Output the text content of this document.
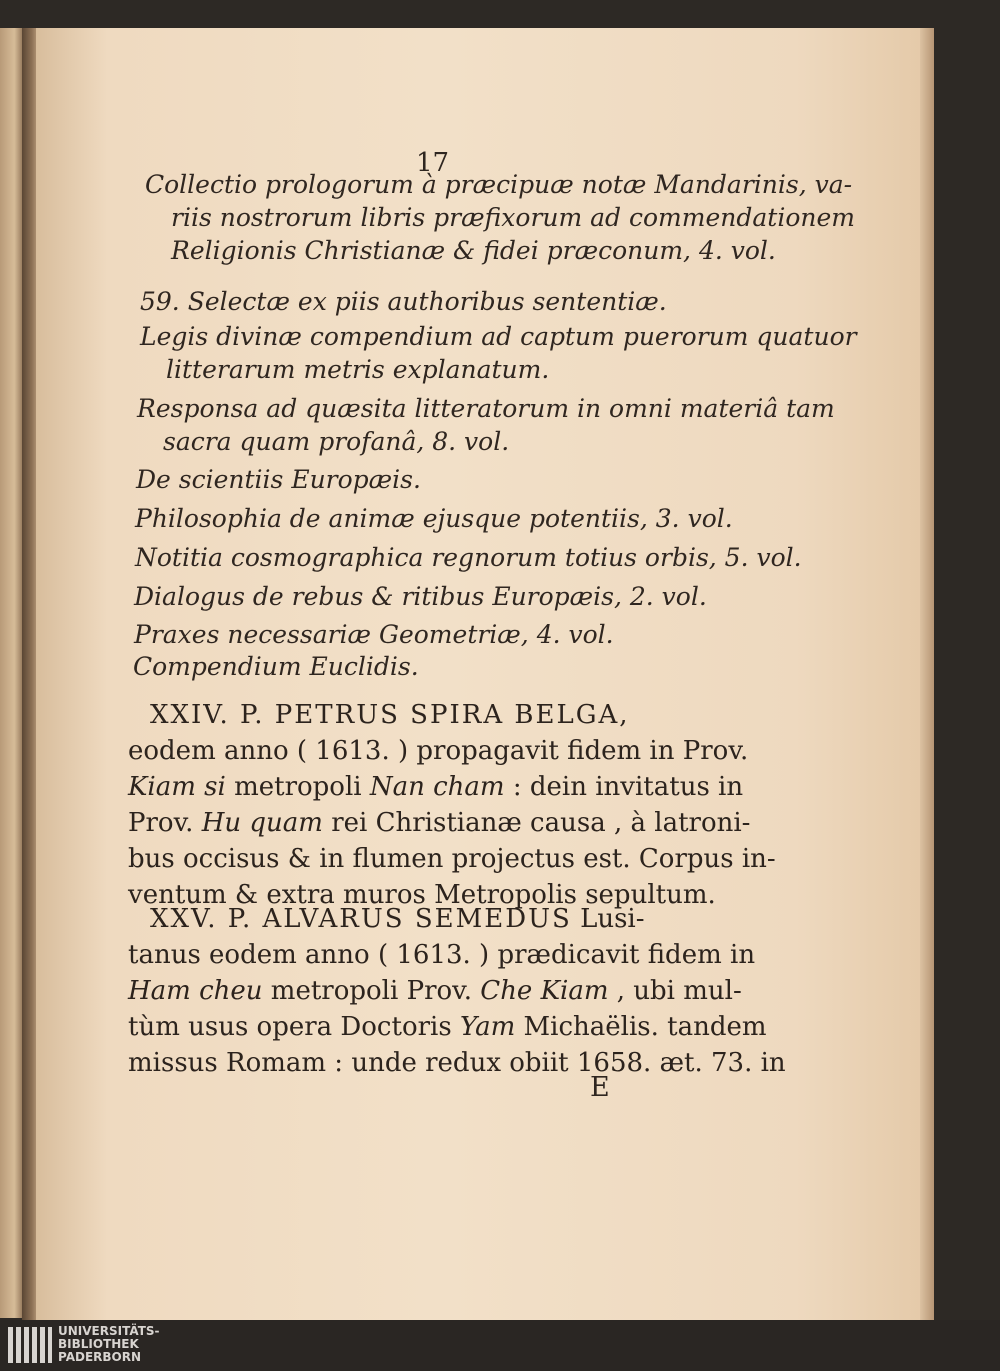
17
Collectio prologorum à præcipuæ notæ Mandarinis, va-
riis nostrorum libris præfixorum ad commendationem
Religionis Christianæ & fidei præconum, 4. vol.
59. Selectæ ex piis authoribus sententiæ.
Legis divinæ compendium ad captum puerorum quatuor
litterarum metris explanatum.
Responsa ad quæsita litteratorum in omni materiâ tam
sacra quam profanâ, 8. vol.
De scientiis Europæis.
Philosophia de animæ ejusque potentiis, 3. vol.
Notitia cosmographica regnorum totius orbis, 5. vol.
Dialogus de rebus & ritibus Europæis, 2. vol.
Praxes necessariæ Geometriæ, 4. vol.
Compendium Euclidis.
XXIV. P. PETRUS SPIRA BELGA,
eodem anno ( 1613. ) propagavit fidem in Prov.
Kiam si metropoli Nan cham : dein invitatus in
Prov. Hu quam rei Christianæ causa , à latroni-
bus occisus & in flumen projectus est. Corpus in-
ventum & extra muros Metropolis sepultum.
XXV. P. ALVARUS SEMEDUS Lusi-
tanus eodem anno ( 1613. ) prædicavit fidem in
Ham cheu metropoli Prov. Che Kiam , ubi mul-
tùm usus opera Doctoris Yam Michaëlis. tandem
missus Romam : unde redux obiit 1658. æt. 73. in
E
UNIVERSITÄTS-
BIBLIOTHEK
PADERBORN
